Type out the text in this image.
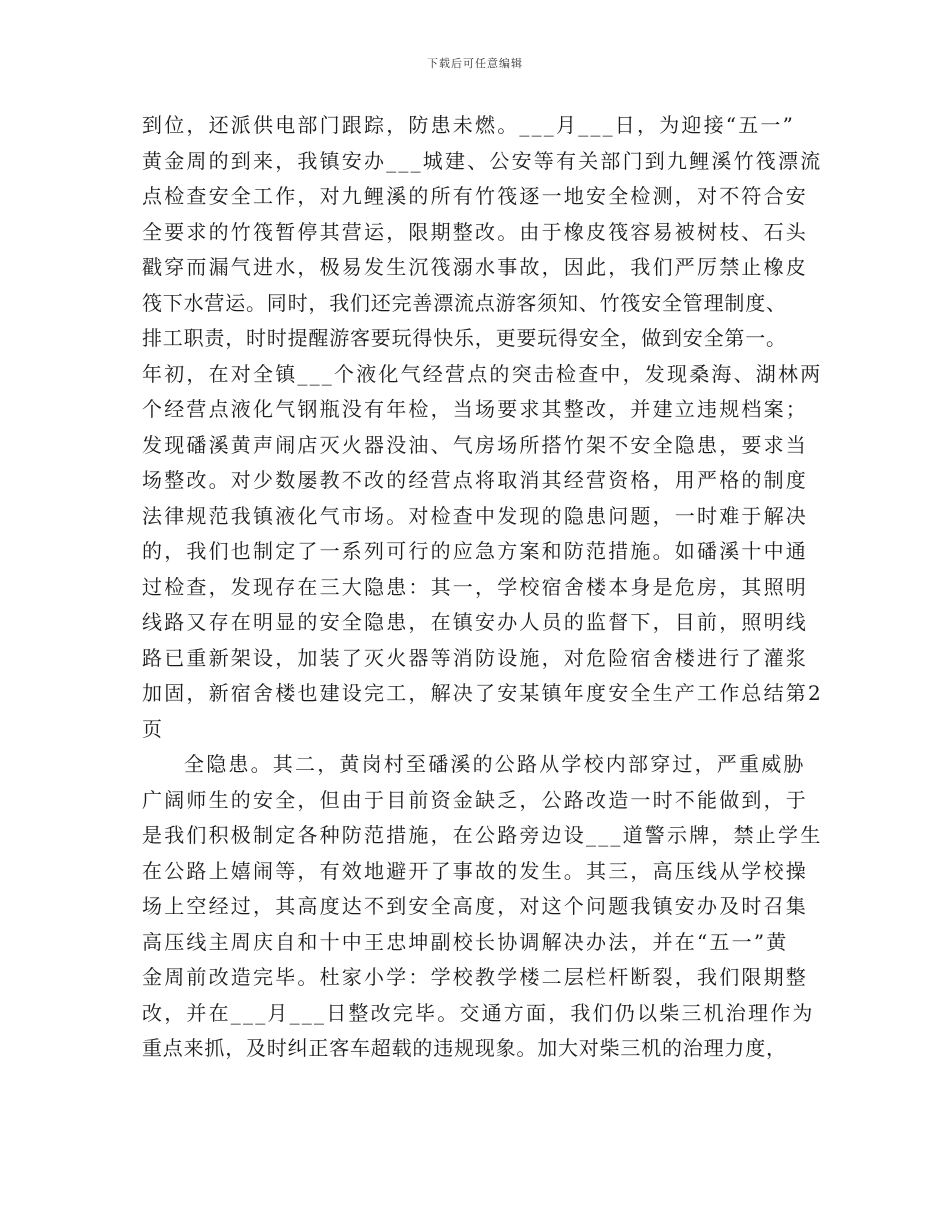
下载后可任意编辑
到位，还派供电部门跟踪，防患未燃。___月___日，为迎接“五一”
黄金周的到来，我镇安办___城建、公安等有关部门到九鲤溪竹筏漂流
点检查安全工作，对九鲤溪的所有竹筏逐一地安全检测，对不符合安
全要求的竹筏暂停其营运，限期整改。由于橡皮筏容易被树枝、石头
戳穿而漏气进水，极易发生沉筏溺水事故，因此，我们严厉禁止橡皮
筏下水营运。同时，我们还完善漂流点游客须知、竹筏安全管理制度、
排工职责，时时提醒游客要玩得快乐，更要玩得安全，做到安全第一。
年初，在对全镇___个液化气经营点的突击检查中，发现桑海、湖林两
个经营点液化气钢瓶没有年检，当场要求其整改，并建立违规档案；
发现磻溪黄声闹店灭火器没油、气房场所搭竹架不安全隐患，要求当
场整改。对少数屡教不改的经营点将取消其经营资格，用严格的制度
法律规范我镇液化气市场。对检查中发现的隐患问题，一时难于解决
的，我们也制定了一系列可行的应急方案和防范措施。如磻溪十中通
过检查，发现存在三大隐患：其一，学校宿舍楼本身是危房，其照明
线路又存在明显的安全隐患，在镇安办人员的监督下，目前，照明线
路已重新架设，加装了灭火器等消防设施，对危险宿舍楼进行了灌浆
加固，新宿舍楼也建设完工，解决了安某镇年度安全生产工作总结第2
页
全隐患。其二，黄岗村至磻溪的公路从学校内部穿过，严重威胁
广阔师生的安全，但由于目前资金缺乏，公路改造一时不能做到，于
是我们积极制定各种防范措施，在公路旁边设___道警示牌，禁止学生
在公路上嬉闹等，有效地避开了事故的发生。其三，高压线从学校操
场上空经过，其高度达不到安全高度，对这个问题我镇安办及时召集
高压线主周庆自和十中王忠坤副校长协调解决办法，并在“五一”黄
金周前改造完毕。杜家小学：学校教学楼二层栏杆断裂，我们限期整
改，并在___月___日整改完毕。交通方面，我们仍以柴三机治理作为
重点来抓，及时纠正客车超载的违规现象。加大对柴三机的治理力度，
